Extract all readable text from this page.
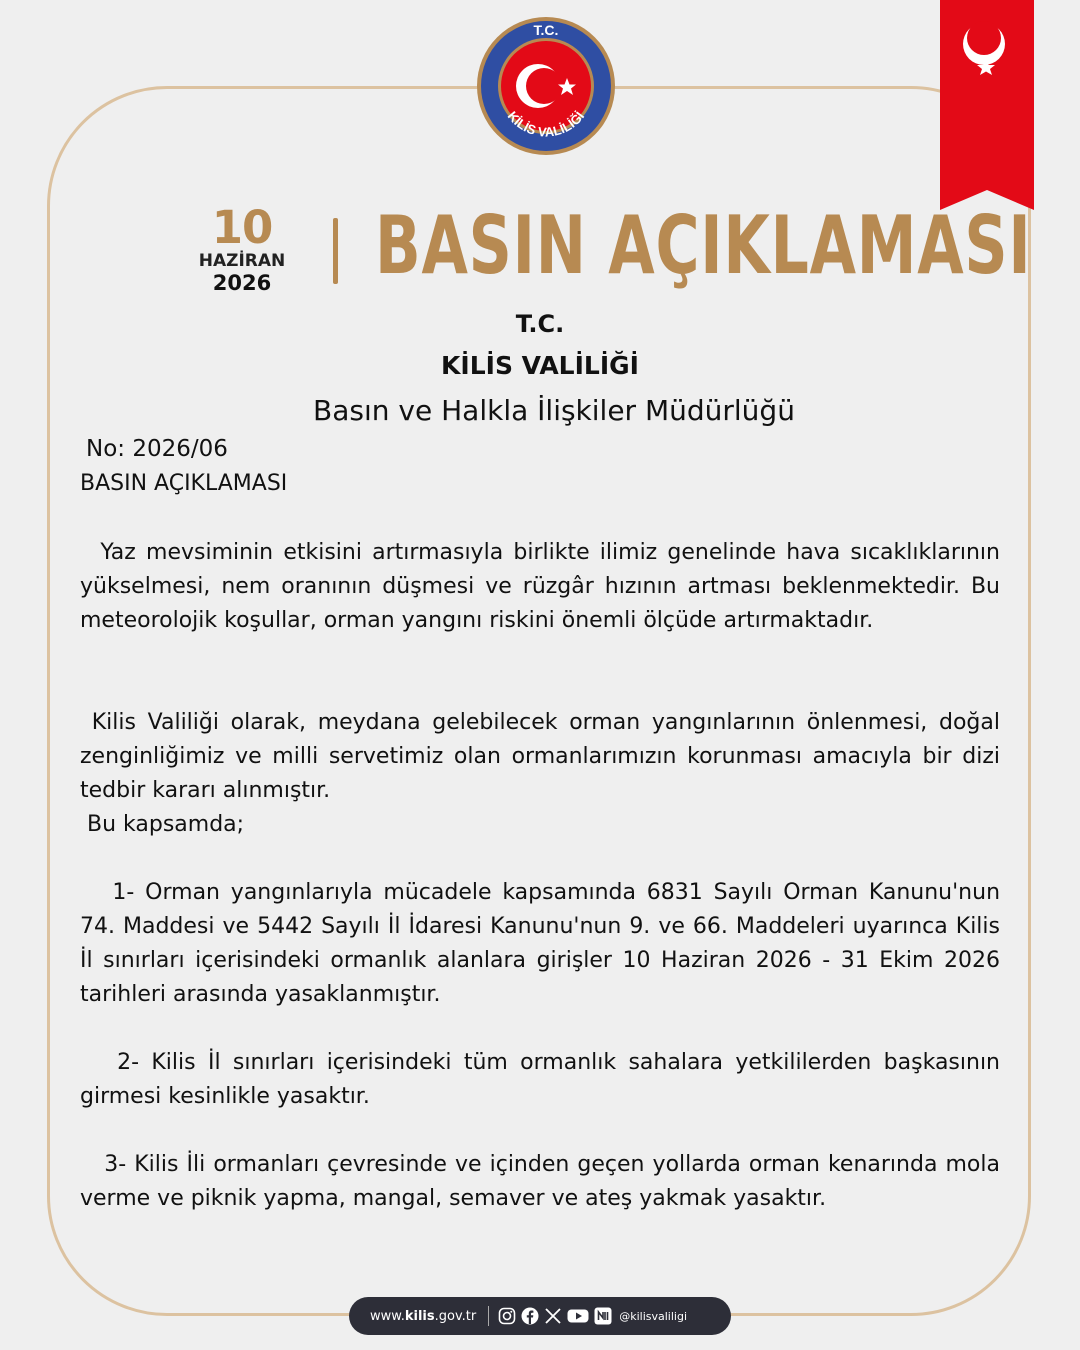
T.C.
KİLİS VALİLİĞİ
10
HAZİRAN
2026 BASIN AÇIKLAMASI
T.C.
KİLİS VALİLİĞİ
Basın ve Halkla İlişkiler Müdürlüğü
No: 2026/06
BASIN AÇIKLAMASI

Yaz mevsiminin etkisini artırmasıyla birlikte ilimiz genelinde hava sıcaklıklarının yükselmesi, nem oranının düşmesi ve rüzgâr hızının artması beklenmektedir. Bu meteorolojik koşullar, orman yangını riskini önemli ölçüde artırmaktadır.

Kilis Valiliği olarak, meydana gelebilecek orman yangınlarının önlenmesi, doğal zenginliğimiz ve milli servetimiz olan ormanlarımızın korunması amacıyla bir dizi tedbir kararı alınmıştır.

Bu kapsamda;

1- Orman yangınlarıyla mücadele kapsamında 6831 Sayılı Orman Kanunu'nun 74. Maddesi ve 5442 Sayılı İl İdaresi Kanunu'nun 9. ve 66. Maddeleri uyarınca Kilis İl sınırları içerisindeki ormanlık alanlara girişler 10 Haziran 2026 - 31 Ekim 2026 tarihleri arasında yasaklanmıştır.

2- Kilis İl sınırları içerisindeki tüm ormanlık sahalara yetkililerden başkasının girmesi kesinlikle yasaktır.

3- Kilis İli ormanları çevresinde ve içinden geçen yollarda orman kenarında mola verme ve piknik yapma, mangal, semaver ve ateş yakmak yasaktır.

www.kilis.gov.tr	@kilisvaliligi
